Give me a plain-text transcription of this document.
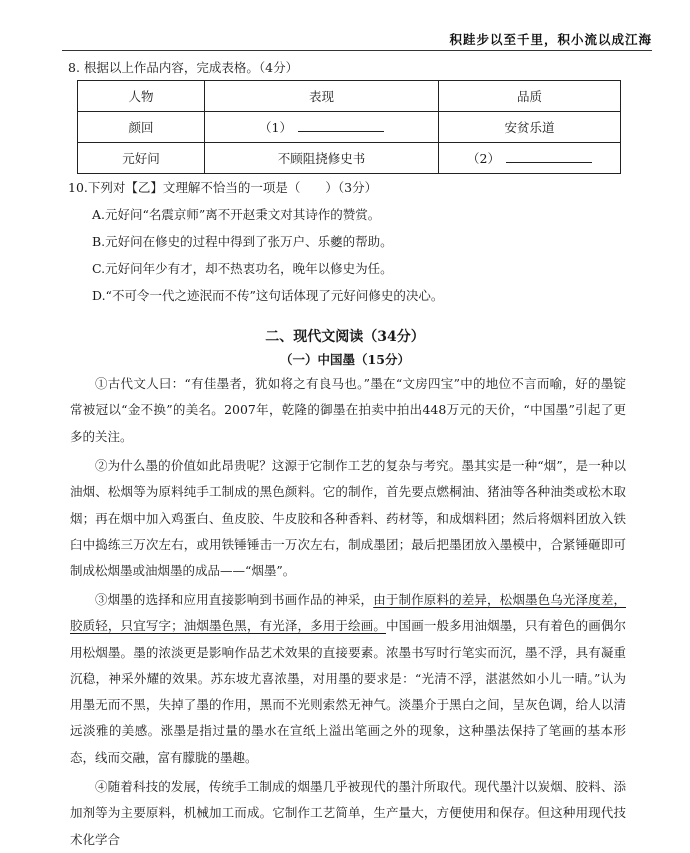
积跬步以至千里，积小流以成江海
8. 根据以上作品内容，完成表格。（4分）
人物	表现	品质
颜回	（1）	安贫乐道
元好问	不顾阻挠修史书	（2）
10.下列对【乙】文理解不恰当的一项是（　　）（3分）
A.元好问“名震京师”离不开赵秉文对其诗作的赞赏。
B.元好问在修史的过程中得到了张万户、乐夔的帮助。
C.元好问年少有才，却不热衷功名，晚年以修史为任。
D.“不可令一代之迹泯而不传”这句话体现了元好问修史的决心。
二、现代文阅读（34分）
（一）中国墨（15分）

①古代文人曰：“有佳墨者，犹如将之有良马也。”墨在“文房四宝”中的地位不言而喻，好的墨锭常被冠以“金不换”的美名。2007年，乾隆的御墨在拍卖中拍出448万元的天价，“中国墨”引起了更多的关注。

②为什么墨的价值如此昂贵呢？这源于它制作工艺的复杂与考究。墨其实是一种“烟”，是一种以油烟、松烟等为原料纯手工制成的黑色颜料。它的制作，首先要点燃桐油、猪油等各种油类或松木取烟；再在烟中加入鸡蛋白、鱼皮胶、牛皮胶和各种香料、药材等，和成烟料团；然后将烟料团放入铁臼中捣练三万次左右，或用铁锤锤击一万次左右，制成墨团；最后把墨团放入墨模中，合紧锤砸即可制成松烟墨或油烟墨的成品——“烟墨”。

③烟墨的选择和应用直接影响到书画作品的神采，由于制作原料的差异，松烟墨色乌光泽度差，胶质轻，只宜写字；油烟墨色黑，有光泽，多用于绘画。中国画一般多用油烟墨，只有着色的画偶尔用松烟墨。墨的浓淡更是影响作品艺术效果的直接要素。浓墨书写时行笔实而沉，墨不浮，具有凝重沉稳，神采外耀的效果。苏东坡尤喜浓墨，对用墨的要求是：“光清不浮，湛湛然如小儿一晴。”认为用墨无而不黑，失掉了墨的作用，黑而不光则索然无神气。淡墨介于黑白之间，呈灰色调，给人以清远淡雅的美感。涨墨是指过量的墨水在宣纸上溢出笔画之外的现象，这种墨法保持了笔画的基本形态，线而交融，富有朦胧的墨趣。

④随着科技的发展，传统手工制成的烟墨几乎被现代的墨汁所取代。现代墨汁以炭烟、胶料、添加剂等为主要原料，机械加工而成。它制作工艺简单，生产量大，方便使用和保存。但这种用现代技术化学合
